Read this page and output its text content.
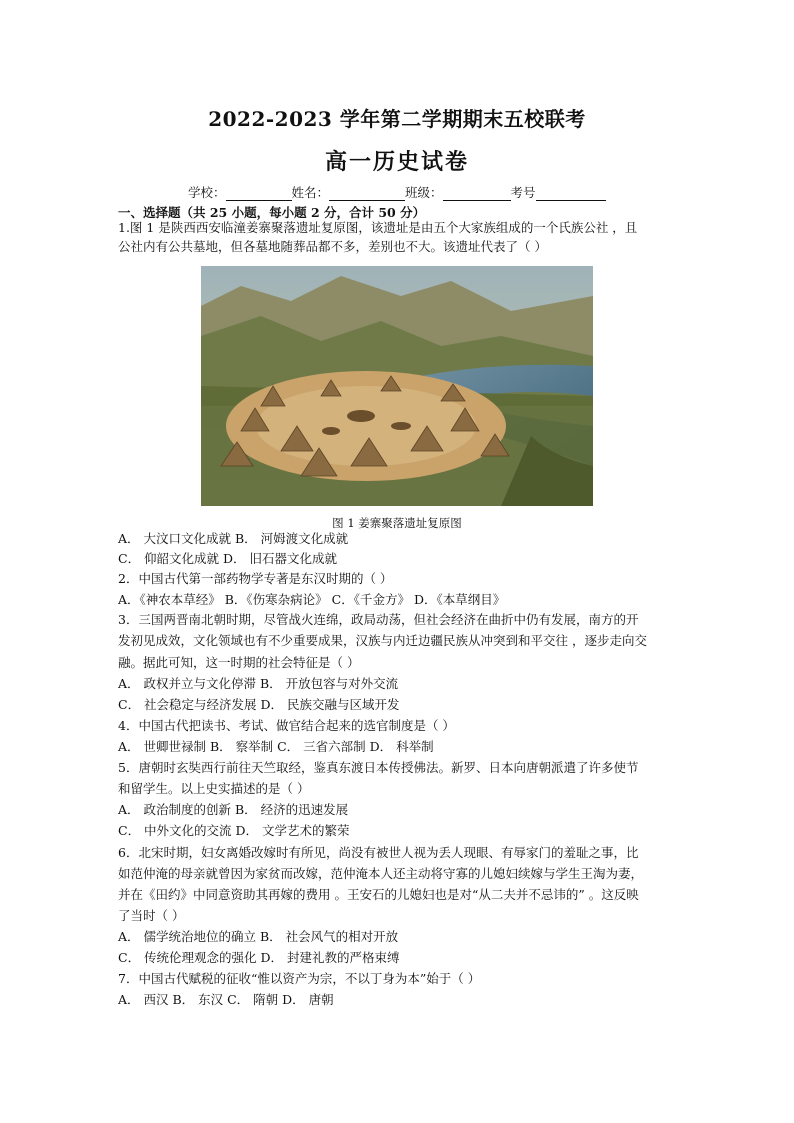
2022-2023 学年第二学期期末五校联考
高一历史试卷
学校：	姓名：	班级：	考号
一、选择题（共 25 小题，每小题 2 分，合计 50 分）
1.图 1 是陕西西安临潼姜寨聚落遗址复原图，该遗址是由五个大家族组成的一个氏族公社 ，且
公社内有公共墓地，但各墓地随葬品都不多，差别也不大。该遗址代表了（ ）
A． 大汶口文化成就 B． 河姆渡文化成就
C． 仰韶文化成就 D． 旧石器文化成就
2．中国古代第一部药物学专著是东汉时期的（ ）
A．《神农本草经》 B．《伤寒杂病论》 C．《千金方》 D．《本草纲目》
3．三国两晋南北朝时期，尽管战火连绵，政局动荡，但社会经济在曲折中仍有发展，南方的开
发初见成效，文化领域也有不少重要成果，汉族与内迁边疆民族从冲突到和平交往 ，逐步走向交
融。据此可知，这一时期的社会特征是（ ）
A． 政权并立与文化停滞 B． 开放包容与对外交流
C． 社会稳定与经济发展 D． 民族交融与区域开发
4．中国古代把读书、考试、做官结合起来的选官制度是（ ）
A． 世卿世禄制 B． 察举制 C． 三省六部制 D． 科举制
5．唐朝时玄奘西行前往天竺取经，鉴真东渡日本传授佛法。新罗、日本向唐朝派遣了许多使节
和留学生。以上史实描述的是（ ）
A． 政治制度的创新 B． 经济的迅速发展
C． 中外文化的交流 D． 文学艺术的繁荣
6．北宋时期，妇女离婚改嫁时有所见，尚没有被世人视为丢人现眼、有辱家门的羞耻之事，比
如范仲淹的母亲就曾因为家贫而改嫁，范仲淹本人还主动将守寡的儿媳妇续嫁与学生王淘为妻，
并在《田约》中同意资助其再嫁的费用 。王安石的儿媳妇也是对“从二夫并不忌讳的” 。这反映
了当时（ ）
A． 儒学统治地位的确立 B． 社会风气的相对开放
C． 传统伦理观念的强化 D． 封建礼教的严格束缚
7．中国古代赋税的征收“惟以资产为宗，不以丁身为本”始于（ ）
A． 西汉 B． 东汉 C． 隋朝 D． 唐朝
图 1 姜寨聚落遗址复原图
